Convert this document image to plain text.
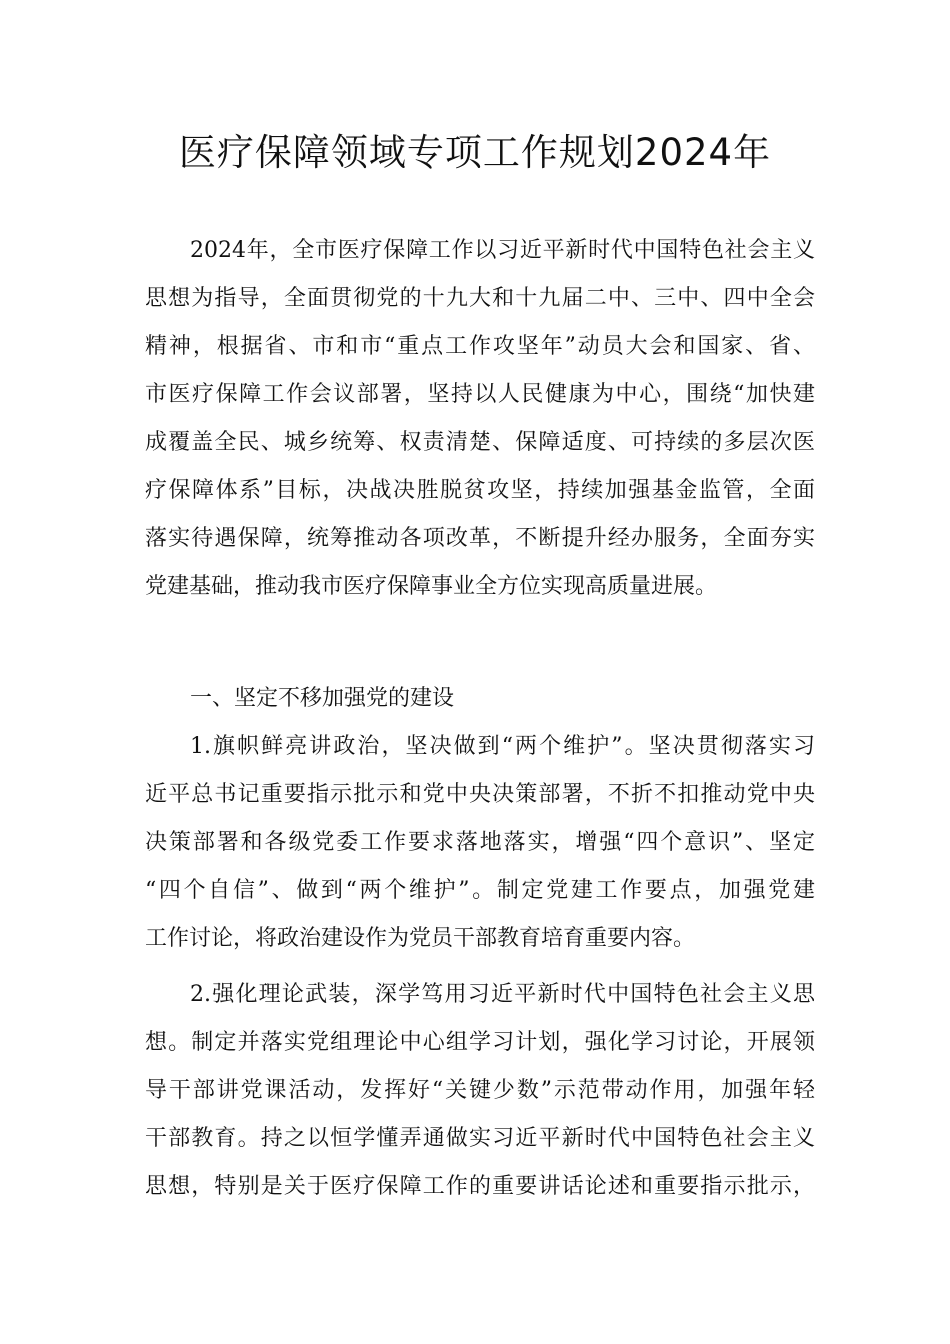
医疗保障领域专项工作规划2024年
2024年，全市医疗保障工作以习近平新时代中国特色社会主义
思想为指导，全面贯彻党的十九大和十九届二中、三中、四中全会
精神，根据省、市和市“重点工作攻坚年”动员大会和国家、省、
市医疗保障工作会议部署，坚持以人民健康为中心，围绕“加快建
成覆盖全民、城乡统筹、权责清楚、保障适度、可持续的多层次医
疗保障体系”目标，决战决胜脱贫攻坚，持续加强基金监管，全面
落实待遇保障，统筹推动各项改革，不断提升经办服务，全面夯实
党建基础，推动我市医疗保障事业全方位实现高质量进展。
一、坚定不移加强党的建设
1.旗帜鲜亮讲政治，坚决做到“两个维护”。坚决贯彻落实习
近平总书记重要指示批示和党中央决策部署，不折不扣推动党中央
决策部署和各级党委工作要求落地落实，增强“四个意识”、坚定
“四个自信”、做到“两个维护”。制定党建工作要点，加强党建
工作讨论，将政治建设作为党员干部教育培育重要内容。
2.强化理论武装，深学笃用习近平新时代中国特色社会主义思
想。制定并落实党组理论中心组学习计划，强化学习讨论，开展领
导干部讲党课活动，发挥好“关键少数”示范带动作用，加强年轻
干部教育。持之以恒学懂弄通做实习近平新时代中国特色社会主义
思想，特别是关于医疗保障工作的重要讲话论述和重要指示批示，
